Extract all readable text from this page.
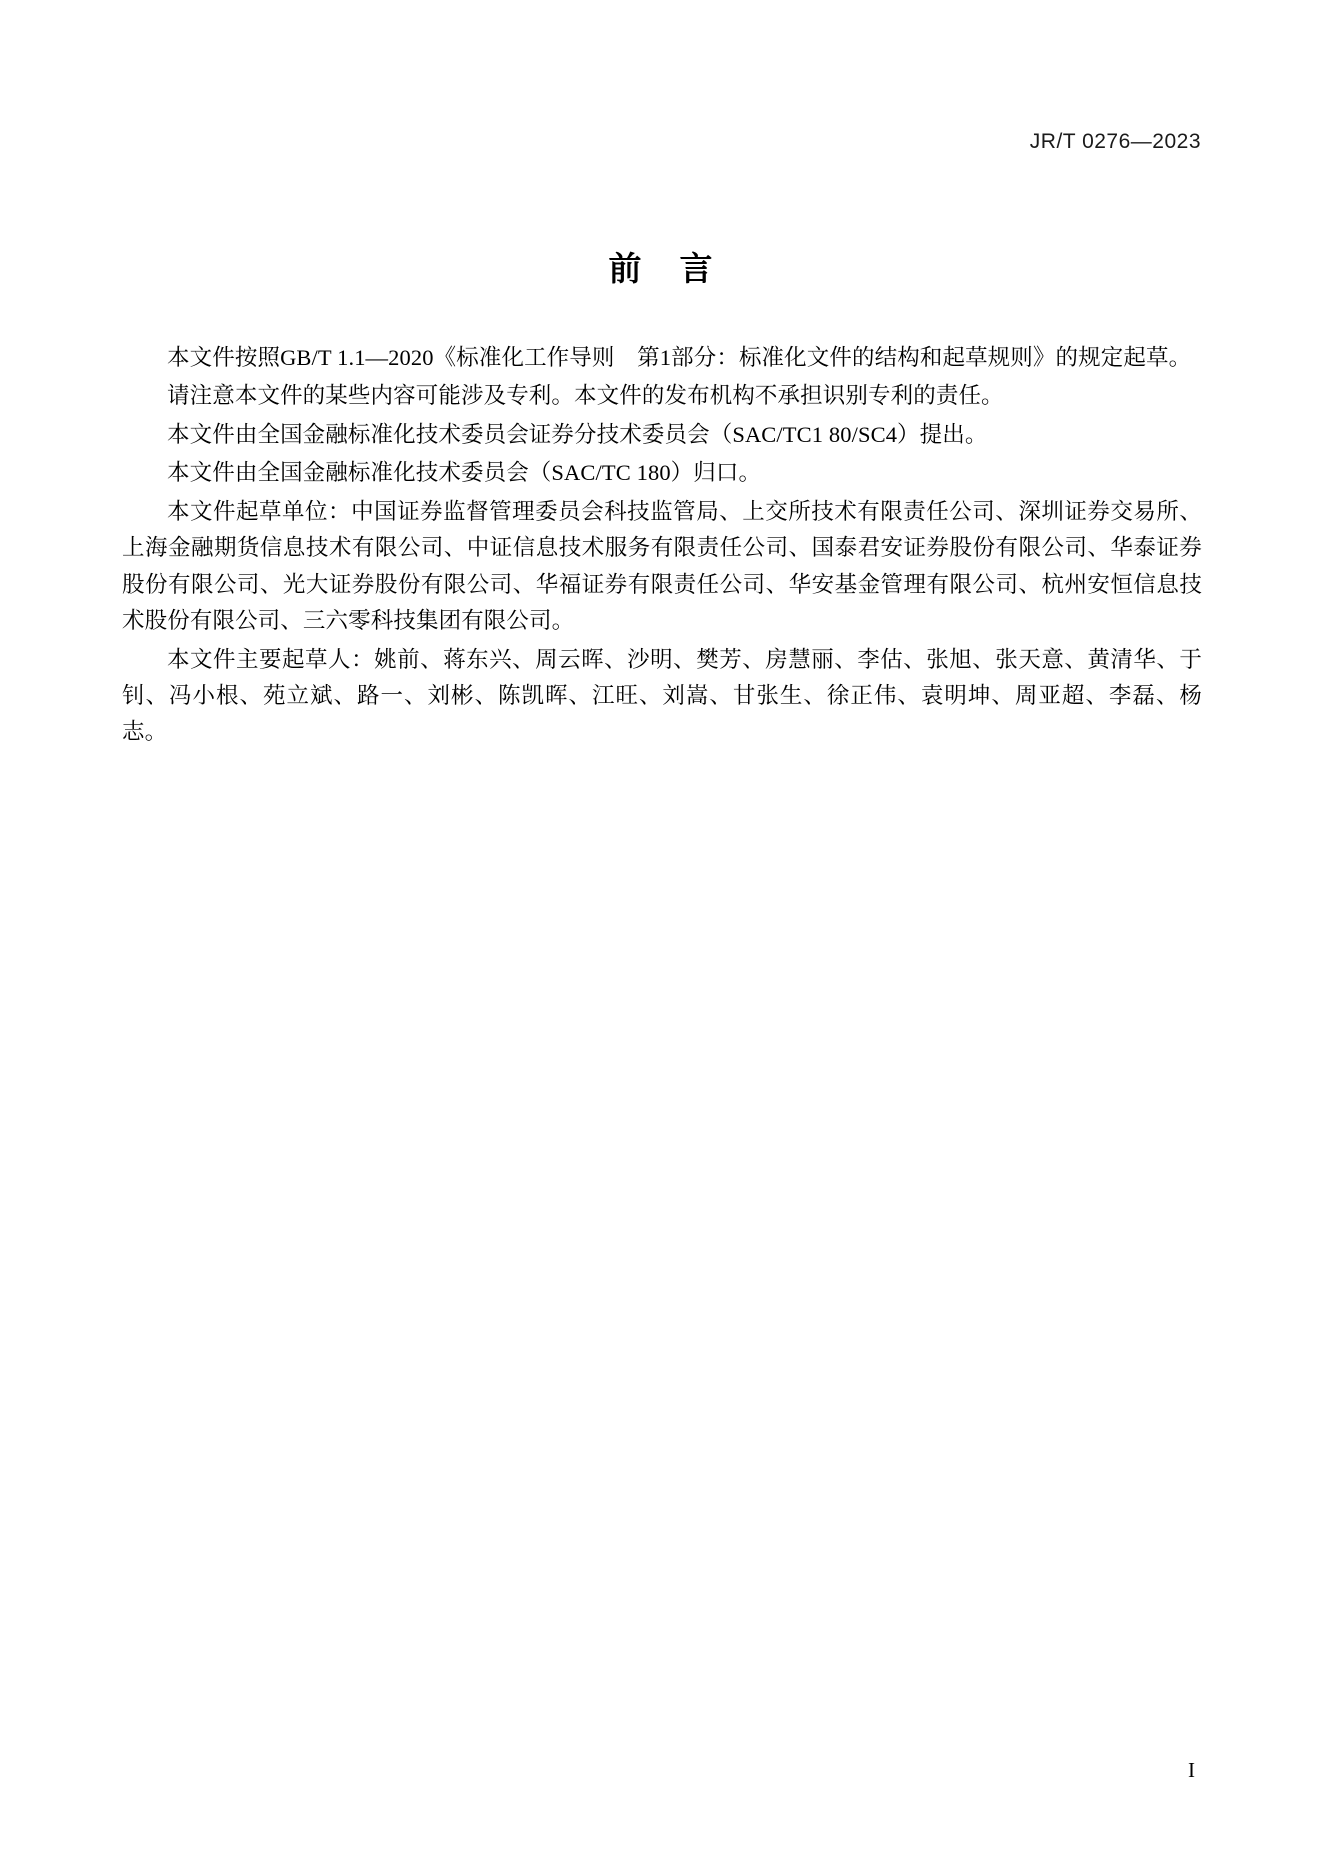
JR/T 0276—2023
前 言

本文件按照GB/T 1.1—2020《标准化工作导则　第1部分：标准化文件的结构和起草规则》的规定起草。

请注意本文件的某些内容可能涉及专利。本文件的发布机构不承担识别专利的责任。

本文件由全国金融标准化技术委员会证券分技术委员会（SAC/TC1 80/SC4）提出。

本文件由全国金融标准化技术委员会（SAC/TC 180）归口。

本文件起草单位：中国证券监督管理委员会科技监管局、上交所技术有限责任公司、深圳证券交易所、上海金融期货信息技术有限公司、中证信息技术服务有限责任公司、国泰君安证券股份有限公司、华泰证券股份有限公司、光大证券股份有限公司、华福证券有限责任公司、华安基金管理有限公司、杭州安恒信息技术股份有限公司、三六零科技集团有限公司。

本文件主要起草人：姚前、蒋东兴、周云晖、沙明、樊芳、房慧丽、李估、张旭、张天意、黄清华、于钊、冯小根、苑立斌、路一、刘彬、陈凯晖、江旺、刘嵩、甘张生、徐正伟、袁明坤、周亚超、李磊、杨志。

I
